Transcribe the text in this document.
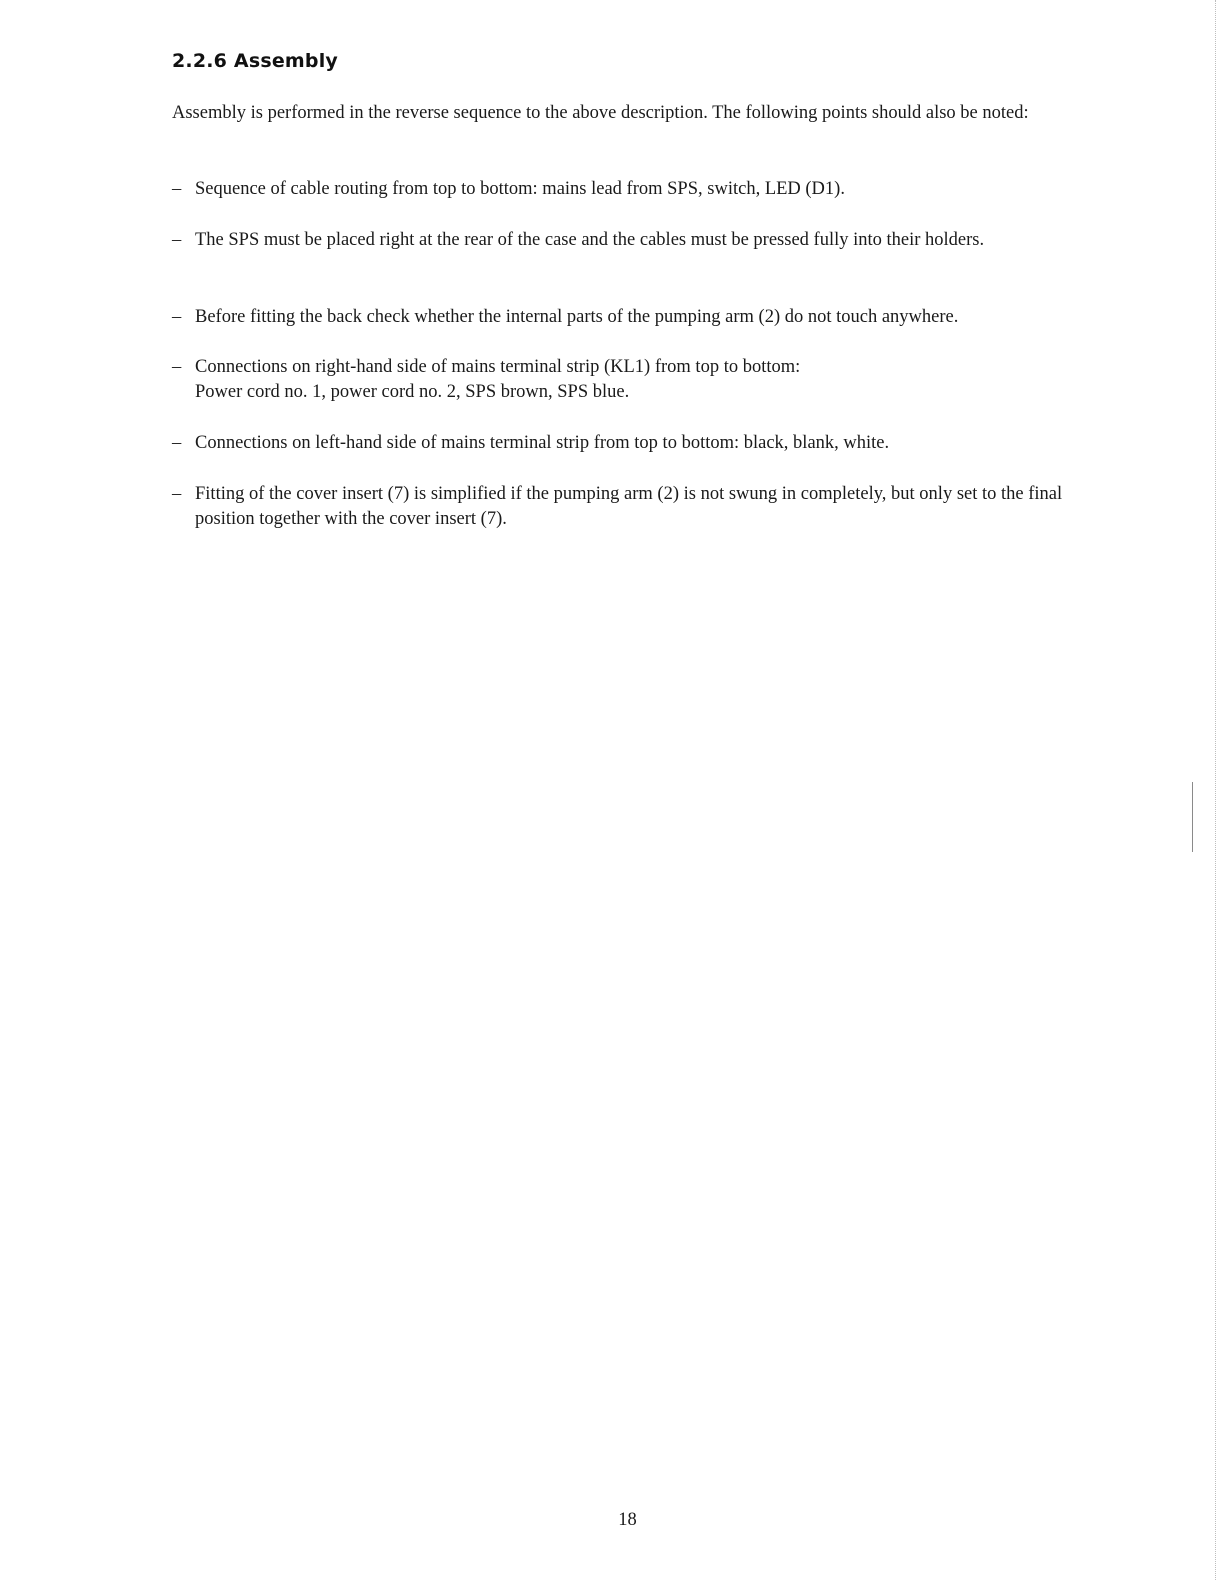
2.2.6 Assembly

Assembly is performed in the reverse sequence to the above description. The following points should also be noted:

– Sequence of cable routing from top to bottom: mains lead from SPS, switch, LED (D1).
– The SPS must be placed right at the rear of the case and the cables must be pressed fully into their holders.
– Before fitting the back check whether the internal parts of the pumping arm (2) do not touch anywhere.
– Connections on right-hand side of mains terminal strip (KL1) from top to bottom:
Power cord no. 1, power cord no. 2, SPS brown, SPS blue.
– Connections on left-hand side of mains terminal strip from top to bottom: black, blank, white.
– Fitting of the cover insert (7) is simplified if the pumping arm (2) is not swung in completely, but only set to the final position together with the cover insert (7).
18
